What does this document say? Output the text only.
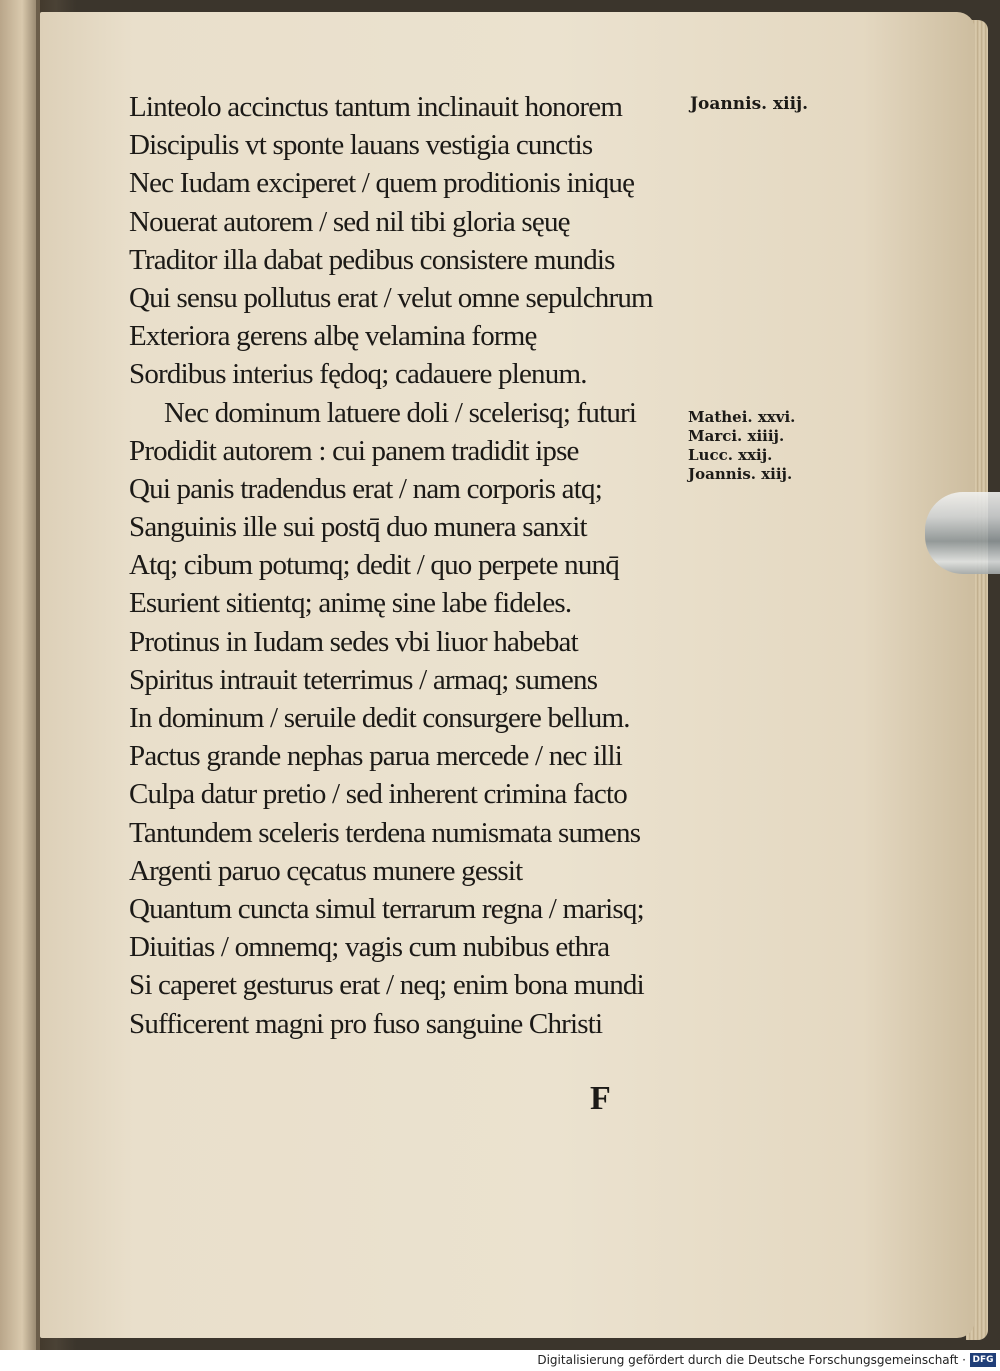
Linteolo accinctus tantum inclinauit honorem
Discipulis vt sponte lauans vestigia cunctis
Nec Iudam exciperet / quem proditionis iniquę
Nouerat autorem / sed nil tibi gloria sęuę
Traditor illa dabat pedibus consistere mundis
Qui sensu pollutus erat / velut omne sepulchrum
Exteriora gerens albę velamina formę
Sordibus interius fędoq; cadauere plenum.
Nec dominum latuere doli / scelerisq; futuri
Prodidit autorem : cui panem tradidit ipse
Qui panis tradendus erat / nam corporis atq;
Sanguinis ille sui postq̄ duo munera sanxit
Atq; cibum potumq; dedit / quo perpete nunq̄
Esurient sitientq; animę sine labe fideles.
Protinus in Iudam sedes vbi liuor habebat
Spiritus intrauit teterrimus / armaq; sumens
In dominum / seruile dedit consurgere bellum.
Pactus grande nephas parua mercede / nec illi
Culpa datur pretio / sed inherent crimina facto
Tantundem sceleris terdena numismata sumens
Argenti paruo cęcatus munere gessit
Quantum cuncta simul terrarum regna / marisq;
Diuitias / omnemq; vagis cum nubibus ethra
Si caperet gesturus erat / neq; enim bona mundi
Sufficerent magni pro fuso sanguine Christi
Joannis. xiij.
Mathei. xxvi.
Marci. xiiij.
Lucc. xxij.
Joannis. xiij.
F
Digitalisierung gefördert durch die Deutsche Forschungsgemeinschaft · DFG
